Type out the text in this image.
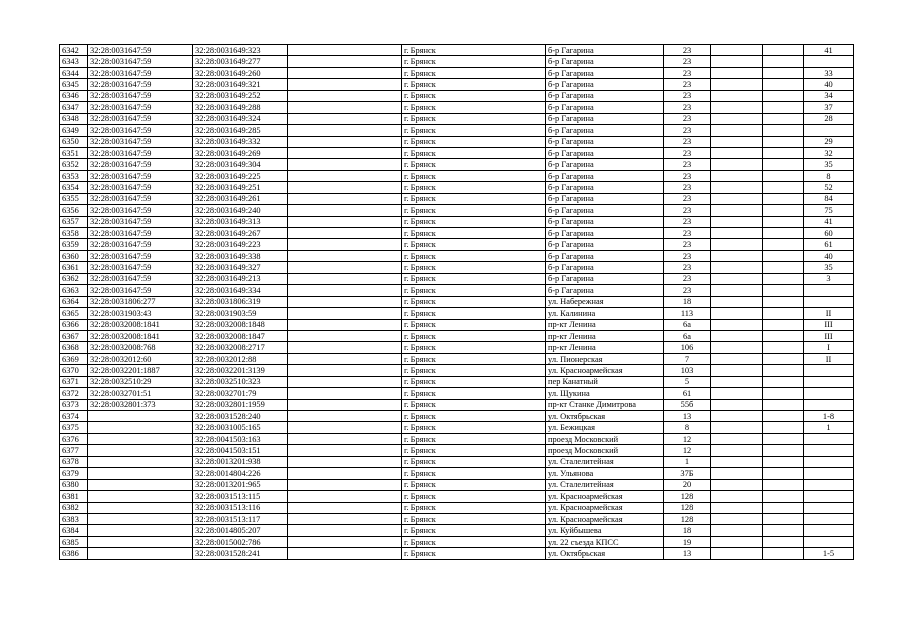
6342	32:28:0031647:59	32:28:0031649:323		г. Брянск	б-р Гагарина	23			41
6343	32:28:0031647:59	32:28:0031649:277		г. Брянск	б-р Гагарина	23			
6344	32:28:0031647:59	32:28:0031649:260		г. Брянск	б-р Гагарина	23			33
6345	32:28:0031647:59	32:28:0031649:321		г. Брянск	б-р Гагарина	23			40
6346	32:28:0031647:59	32:28:0031649:252		г. Брянск	б-р Гагарина	23			34
6347	32:28:0031647:59	32:28:0031649:288		г. Брянск	б-р Гагарина	23			37
6348	32:28:0031647:59	32:28:0031649:324		г. Брянск	б-р Гагарина	23			28
6349	32:28:0031647:59	32:28:0031649:285		г. Брянск	б-р Гагарина	23			
6350	32:28:0031647:59	32:28:0031649:332		г. Брянск	б-р Гагарина	23			29
6351	32:28:0031647:59	32:28:0031649:269		г. Брянск	б-р Гагарина	23			32
6352	32:28:0031647:59	32:28:0031649:304		г. Брянск	б-р Гагарина	23			35
6353	32:28:0031647:59	32:28:0031649:225		г. Брянск	б-р Гагарина	23			8
6354	32:28:0031647:59	32:28:0031649:251		г. Брянск	б-р Гагарина	23			52
6355	32:28:0031647:59	32:28:0031649:261		г. Брянск	б-р Гагарина	23			84
6356	32:28:0031647:59	32:28:0031649:240		г. Брянск	б-р Гагарина	23			75
6357	32:28:0031647:59	32:28:0031649:313		г. Брянск	б-р Гагарина	23			41
6358	32:28:0031647:59	32:28:0031649:267		г. Брянск	б-р Гагарина	23			60
6359	32:28:0031647:59	32:28:0031649:223		г. Брянск	б-р Гагарина	23			61
6360	32:28:0031647:59	32:28:0031649:338		г. Брянск	б-р Гагарина	23			40
6361	32:28:0031647:59	32:28:0031649:327		г. Брянск	б-р Гагарина	23			35
6362	32:28:0031647:59	32:28:0031649:213		г. Брянск	б-р Гагарина	23			3
6363	32:28:0031647:59	32:28:0031649:334		г. Брянск	б-р Гагарина	23			
6364	32:28:0031806:277	32:28:0031806:319		г. Брянск	ул. Набережная	18			
6365	32:28:0031903:43	32:28:0031903:59		г. Брянск	ул. Калинина	113			II
6366	32:28:0032008:1841	32:28:0032008:1848		г. Брянск	пр-кт Ленина	6а			III
6367	32:28:0032008:1841	32:28:0032008:1847		г. Брянск	пр-кт Ленина	6а			III
6368	32:28:0032008:768	32:28:0032008:2717		г. Брянск	пр-кт Ленина	106			I
6369	32:28:0032012:60	32:28:0032012:88		г. Брянск	ул. Пионерская	7			II
6370	32:28:0032201:1887	32:28:0032201:3139		г. Брянск	ул. Красноармейская	103			
6371	32:28:0032510:29	32:28:0032510:323		г. Брянск	пер Канатный	5			
6372	32:28:0032701:51	32:28:0032701:79		г. Брянск	ул. Щукина	61			
6373	32:28:0032801:373	32:28:0032801:1959		г. Брянск	пр-кт Станке Димитрова	55б			
6374		32:28:0031528:240		г. Брянск	ул. Октябрьская	13			1-8
6375		32:28:0031005:165		г. Брянск	ул. Бежицкая	8			1
6376		32:28:0041503:163		г. Брянск	проезд Московский	12			
6377		32:28:0041503:151		г. Брянск	проезд Московский	12			
6378		32:28:0013201:938		г. Брянск	ул. Сталелитейная	1			
6379		32:28:0014804:226		г. Брянск	ул. Ульянова	37Б			
6380		32:28:0013201:965		г. Брянск	ул. Сталелитейная	20			
6381		32:28:0031513:115		г. Брянск	ул. Красноармейская	128			
6382		32:28:0031513:116		г. Брянск	ул. Красноармейская	128			
6383		32:28:0031513:117		г. Брянск	ул. Красноармейская	128			
6384		32:28:0014805:207		г. Брянск	ул. Куйбышева	18			
6385		32:28:0015002:786		г. Брянск	ул. 22 съезда КПСС	19			
6386		32:28:0031528:241		г. Брянск	ул. Октябрьская	13			1-5
